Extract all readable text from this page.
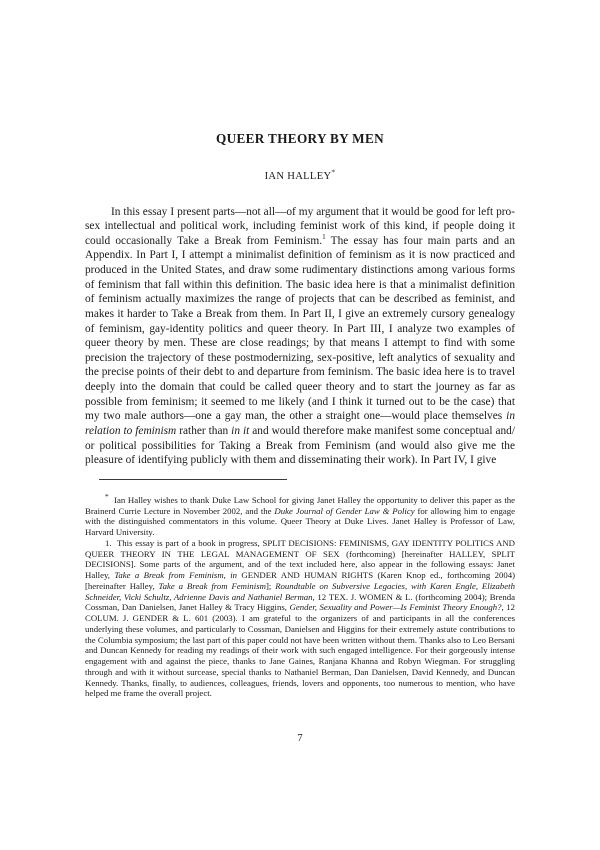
QUEER THEORY BY MEN
IAN HALLEY*

In this essay I present parts—not all—of my argument that it would be good for left pro-sex intellectual and political work, including feminist work of this kind, if people doing it could occasionally Take a Break from Feminism.$^1$ The essay has four main parts and an Appendix. In Part I, I attempt a minimalist definition of feminism as it is now practiced and produced in the United States, and draw some rudimentary distinctions among various forms of feminism that fall within this definition. The basic idea here is that a minimalist definition of feminism actually maximizes the range of projects that can be described as feminist, and makes it harder to Take a Break from them. In Part II, I give an extremely cursory genealogy of feminism, gay-identity politics and queer theory. In Part III, I analyze two examples of queer theory by men. These are close readings; by that means I attempt to find with some precision the trajectory of these postmodernizing, sex-positive, left analytics of sexuality and the precise points of their debt to and departure from feminism. The basic idea here is to travel deeply into the domain that could be called queer theory and to start the journey as far as possible from feminism; it seemed to me likely (and I think it turned out to be the case) that my two male authors—one a gay man, the other a straight one—would place themselves in relation to feminism rather than in it and would therefore make manifest some conceptual and/ or political possibilities for Taking a Break from Feminism (and would also give me the pleasure of identifying publicly with them and disseminating their work). In Part IV, I give

* Ian Halley wishes to thank Duke Law School for giving Janet Halley the opportunity to deliver this paper as the Brainerd Currie Lecture in November 2002, and the Duke Journal of Gender Law & Policy for allowing him to engage with the distinguished commentators in this volume. Queer Theory at Duke Lives. Janet Halley is Professor of Law, Harvard University.

1. This essay is part of a book in progress, SPLIT DECISIONS: FEMINISMS, GAY IDENTITY POLITICS AND QUEER THEORY IN THE LEGAL MANAGEMENT OF SEX (forthcoming) [hereinafter HALLEY, SPLIT DECISIONS]. Some parts of the argument, and of the text included here, also appear in the following essays: Janet Halley, Take a Break from Feminism, in GENDER AND HUMAN RIGHTS (Karen Knop ed., forthcoming 2004) [hereinafter Halley, Take a Break from Feminism]; Roundtable on Subversive Legacies, with Karen Engle, Elizabeth Schneider, Vicki Schultz, Adrienne Davis and Nathaniel Berman, 12 TEX. J. WOMEN & L. (forthcoming 2004); Brenda Cossman, Dan Danielsen, Janet Halley & Tracy Higgins, Gender, Sexuality and Power—Is Feminist Theory Enough?, 12 COLUM. J. GENDER & L. 601 (2003). I am grateful to the organizers of and participants in all the conferences underlying these volumes, and particularly to Cossman, Danielsen and Higgins for their extremely astute contributions to the Columbia symposium; the last part of this paper could not have been written without them. Thanks also to Leo Bersani and Duncan Kennedy for reading my readings of their work with such engaged intelligence. For their gorgeously intense engagement with and against the piece, thanks to Jane Gaines, Ranjana Khanna and Robyn Wiegman. For struggling through and with it without surcease, special thanks to Nathaniel Berman, Dan Danielsen, David Kennedy, and Duncan Kennedy. Thanks, finally, to audiences, colleagues, friends, lovers and opponents, too numerous to mention, who have helped me frame the overall project.

7
